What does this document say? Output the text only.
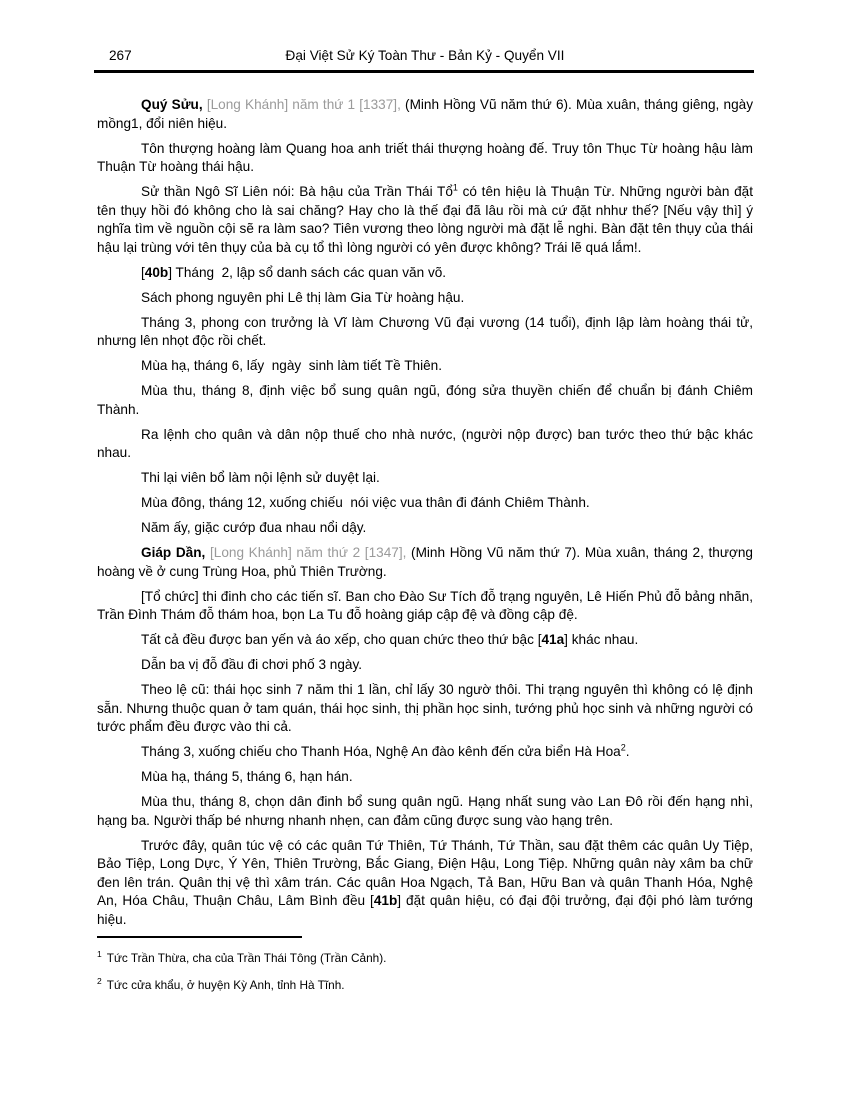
267	Đại Việt Sử Ký Toàn Thư - Bản Kỷ - Quyển VII

Quý Sửu, [Long Khánh] năm thứ 1 [1337], (Minh Hồng Vũ năm thứ 6). Mùa xuân, tháng giêng, ngày mồng1, đổi niên hiệu.

Tôn thượng hoàng làm Quang hoa anh triết thái thượng hoàng đế. Truy tôn Thục Từ hoàng hậu làm Thuận Từ hoàng thái hậu.

Sử thần Ngô Sĩ Liên nói: Bà hậu của Trần Thái Tổ$^1$ có tên hiệu là Thuận Từ. Những người bàn đặt tên thụy hồi đó không cho là sai chăng? Hay cho là thế đại đã lâu rồi mà cứ đặt nhhư thế? [Nếu vậy thì] ý nghĩa tìm về nguồn cội sẽ ra làm sao? Tiên vương theo lòng người mà đặt lễ nghi. Bàn đặt tên thụy của thái hậu lại trùng với tên thụy của bà cụ tổ thì lòng người có yên được không? Trái lẽ quá lắm!.

[40b] Tháng  2, lập sổ danh sách các quan văn võ.

Sách phong nguyên phi Lê thị làm Gia Từ hoàng hậu.

Tháng 3, phong con trưởng là Vĩ làm Chương Vũ đại vương (14 tuổi), định lập làm hoàng thái tử, nhưng lên nhọt độc rồi chết.

Mùa hạ, tháng 6, lấy  ngày  sinh làm tiết Tề Thiên.

Mùa thu, tháng 8, định việc bổ sung quân ngũ, đóng sửa thuyền chiến để chuẩn bị đánh Chiêm Thành.

Ra lệnh cho quân và dân nộp thuế cho nhà nước, (người nộp được) ban tước theo thứ bậc khác nhau.

Thi lại viên bổ làm nội lệnh sử duyệt lại.

Mùa đông, tháng 12, xuống chiếu  nói việc vua thân đi đánh Chiêm Thành.

Năm ấy, giặc cướp đua nhau nổi dậy.

Giáp Dần, [Long Khánh] năm thứ 2 [1347], (Minh Hồng Vũ năm thứ 7). Mùa xuân, tháng 2, thượng hoàng về ở cung Trùng Hoa, phủ Thiên Trường.

[Tổ chức] thi đinh cho các tiến sĩ. Ban cho Đào Sư Tích đỗ trạng nguyên, Lê Hiến Phủ đỗ bảng nhãn, Trần Đình Thám đỗ thám hoa, bọn La Tu đỗ hoàng giáp cập đệ và đồng cập đệ.

Tất cả đều được ban yến và áo xếp, cho quan chức theo thứ bậc [41a] khác nhau.

Dẫn ba vị đỗ đầu đi chơi phố 3 ngày.

Theo lệ cũ: thái học sinh 7 năm thi 1 lần, chỉ lấy 30 ngườ thôi. Thi trạng nguyên thì không có lệ định sẵn. Nhưng thuộc quan ở tam quán, thái học sinh, thị phần học sinh, tướng phủ học sinh và những người có tước phẩm đều được vào thi cả.

Tháng 3, xuống chiếu cho Thanh Hóa, Nghệ An đào kênh đến cửa biển Hà Hoa$^2$.

Mùa hạ, tháng 5, tháng 6, hạn hán.

Mùa thu, tháng 8, chọn dân đinh bổ sung quân ngũ. Hạng nhất sung vào Lan Đô rồi đến hạng nhì, hạng ba. Người thấp bé nhưng nhanh nhẹn, can đảm cũng được sung vào hạng trên.

Trước đây, quân túc vệ có các quân Tứ Thiên, Tứ Thánh, Tứ Thần, sau đặt thêm các quân Uy Tiệp, Bảo Tiệp, Long Dực, Ý Yên, Thiên Trường, Bắc Giang, Điện Hậu, Long Tiệp. Những quân này xâm ba chữ đen lên trán. Quân thị vệ thì xâm trán. Các quân Hoa Ngạch, Tả Ban, Hữu Ban và quân Thanh Hóa, Nghệ An, Hóa Châu, Thuận Châu, Lâm Bình đều [41b] đặt quân hiệu, có đại đội trưởng, đại đội phó làm tướng hiệu.

$^1$ Tức Trần Thừa, cha của Trần Thái Tông (Trần Cảnh).
$^2$ Tức cửa khẩu, ở huyện Kỳ Anh, tỉnh Hà Tĩnh.
